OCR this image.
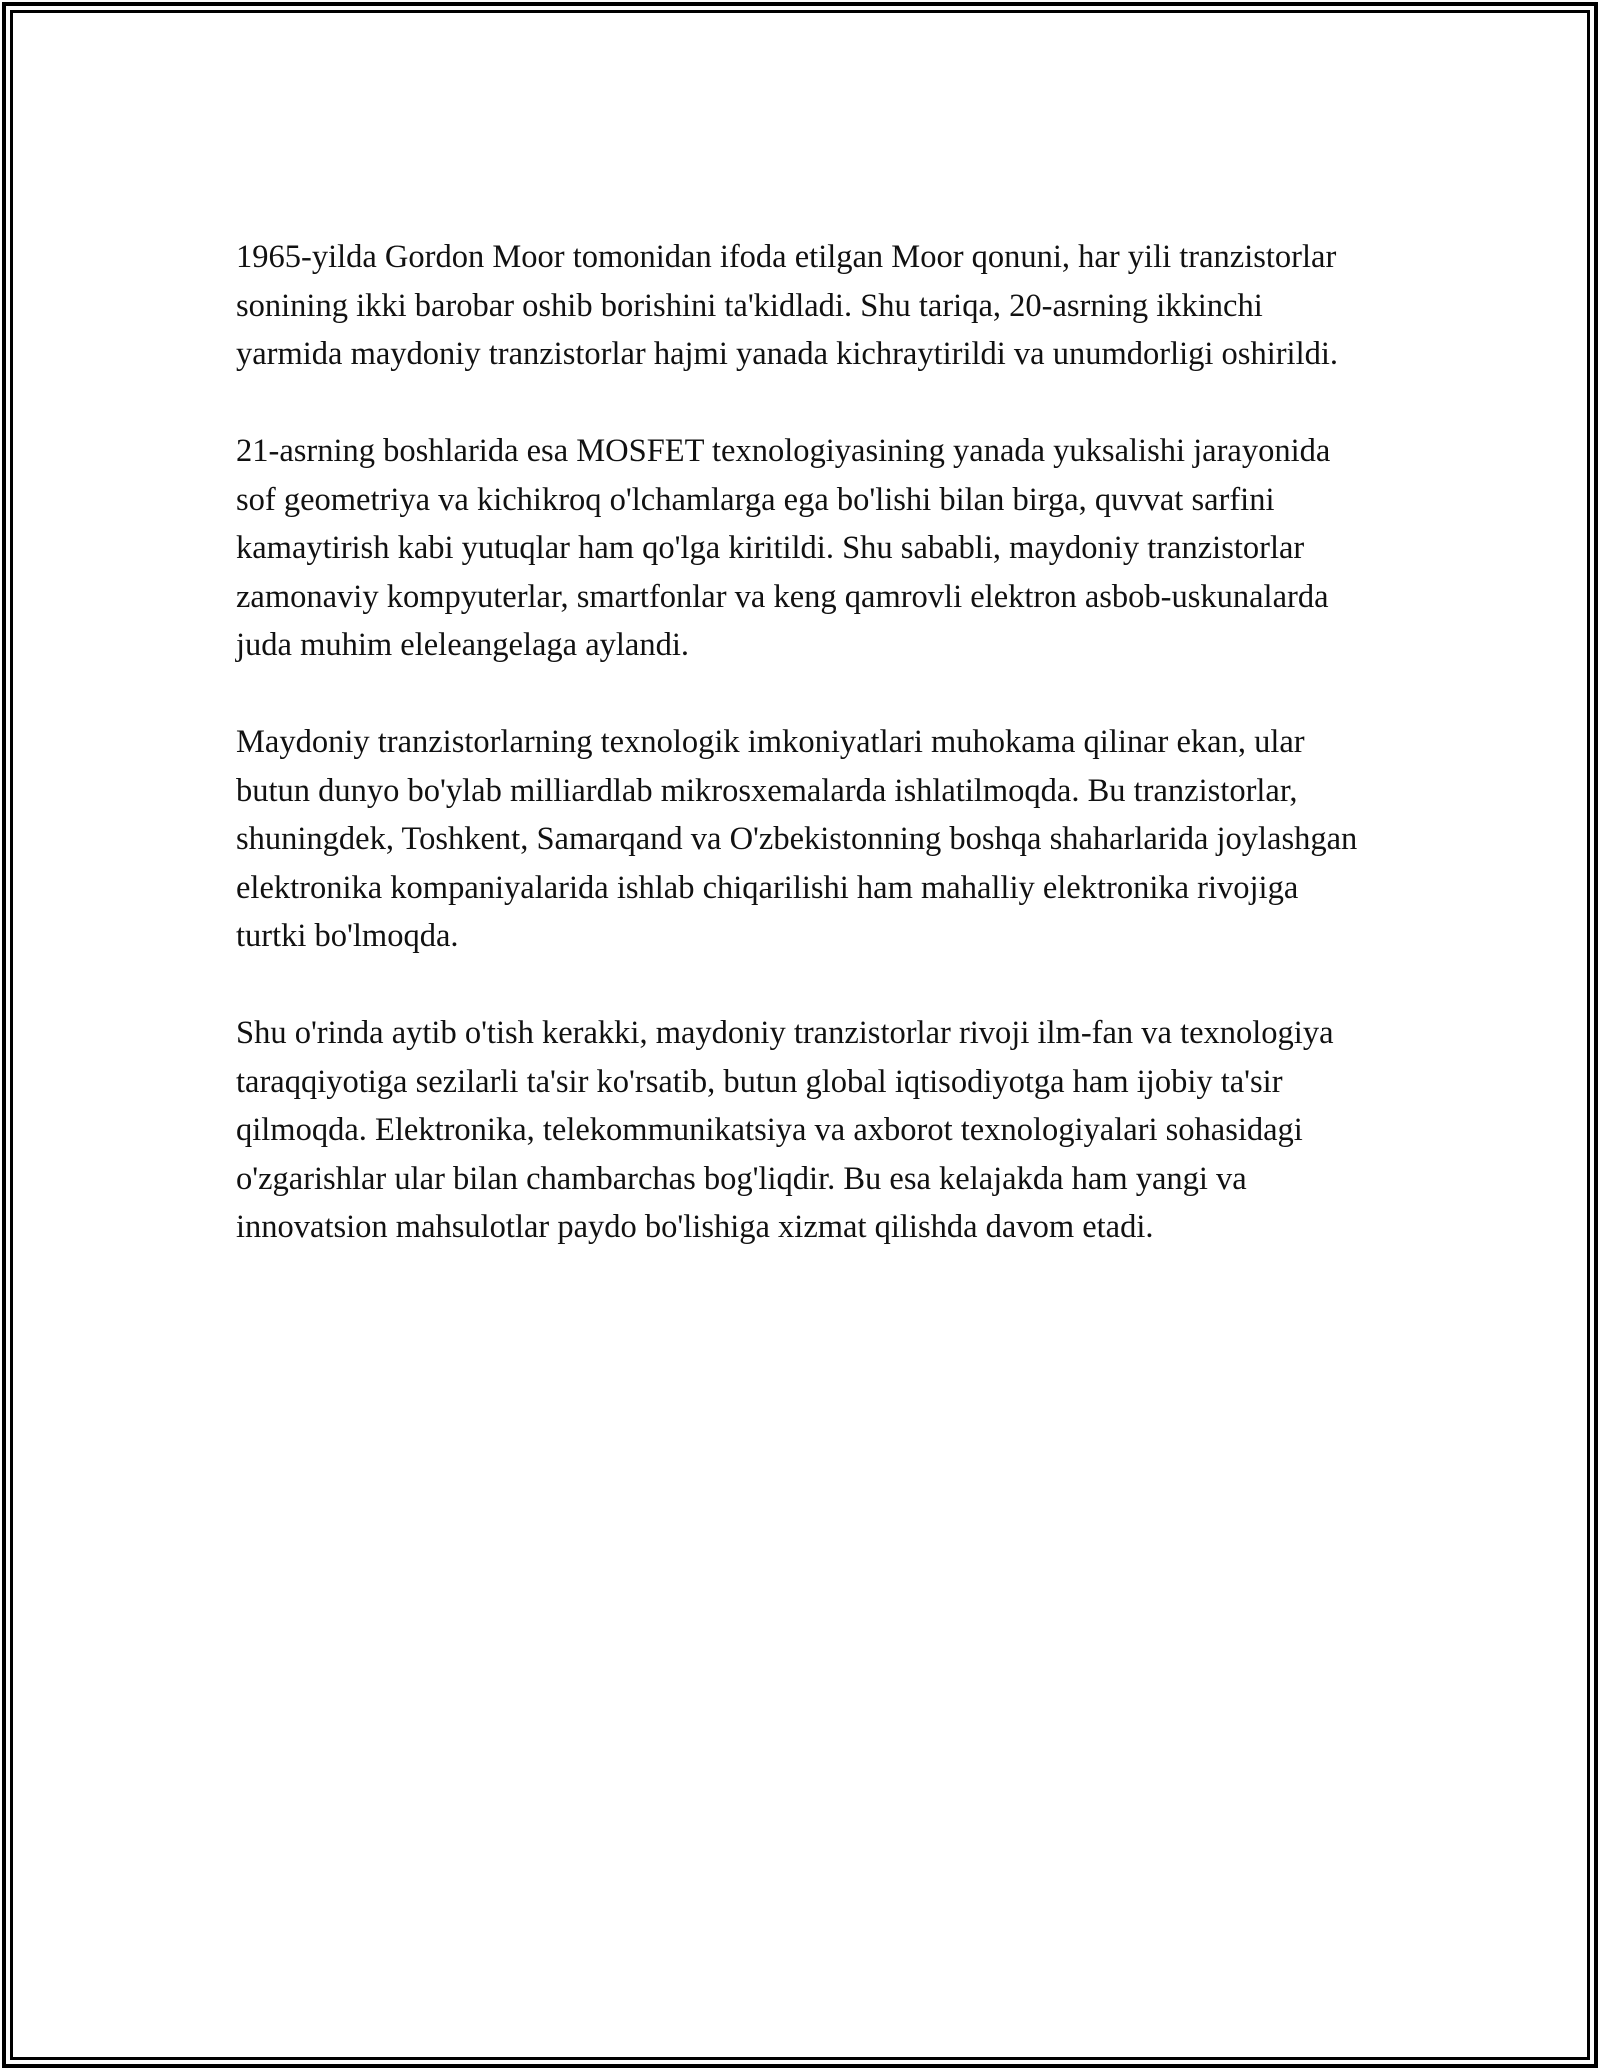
1965-yilda Gordon Moor tomonidan ifoda etilgan Moor qonuni, har yili tranzistorlar sonining ikki barobar oshib borishini ta'kidladi. Shu tariqa, 20-asrning ikkinchi yarmida maydoniy tranzistorlar hajmi yanada kichraytirildi va unumdorligi oshirildi.

21-asrning boshlarida esa MOSFET texnologiyasining yanada yuksalishi jarayonida sof geometriya va kichikroq o'lchamlarga ega bo'lishi bilan birga, quvvat sarfini kamaytirish kabi yutuqlar ham qo'lga kiritildi. Shu sababli, maydoniy tranzistorlar zamonaviy kompyuterlar, smartfonlar va keng qamrovli elektron asbob-uskunalarda juda muhim eleleangelaga aylandi.

Maydoniy tranzistorlarning texnologik imkoniyatlari muhokama qilinar ekan, ular butun dunyo bo'ylab milliardlab mikrosxemalarda ishlatilmoqda. Bu tranzistorlar, shuningdek, Toshkent, Samarqand va O'zbekistonning boshqa shaharlarida joylashgan elektronika kompaniyalarida ishlab chiqarilishi ham mahalliy elektronika rivojiga turtki bo'lmoqda.

Shu o'rinda aytib o'tish kerakki, maydoniy tranzistorlar rivoji ilm-fan va texnologiya taraqqiyotiga sezilarli ta'sir ko'rsatib, butun global iqtisodiyotga ham ijobiy ta'sir qilmoqda. Elektronika, telekommunikatsiya va axborot texnologiyalari sohasidagi o'zgarishlar ular bilan chambarchas bog'liqdir. Bu esa kelajakda ham yangi va innovatsion mahsulotlar paydo bo'lishiga xizmat qilishda davom etadi.
